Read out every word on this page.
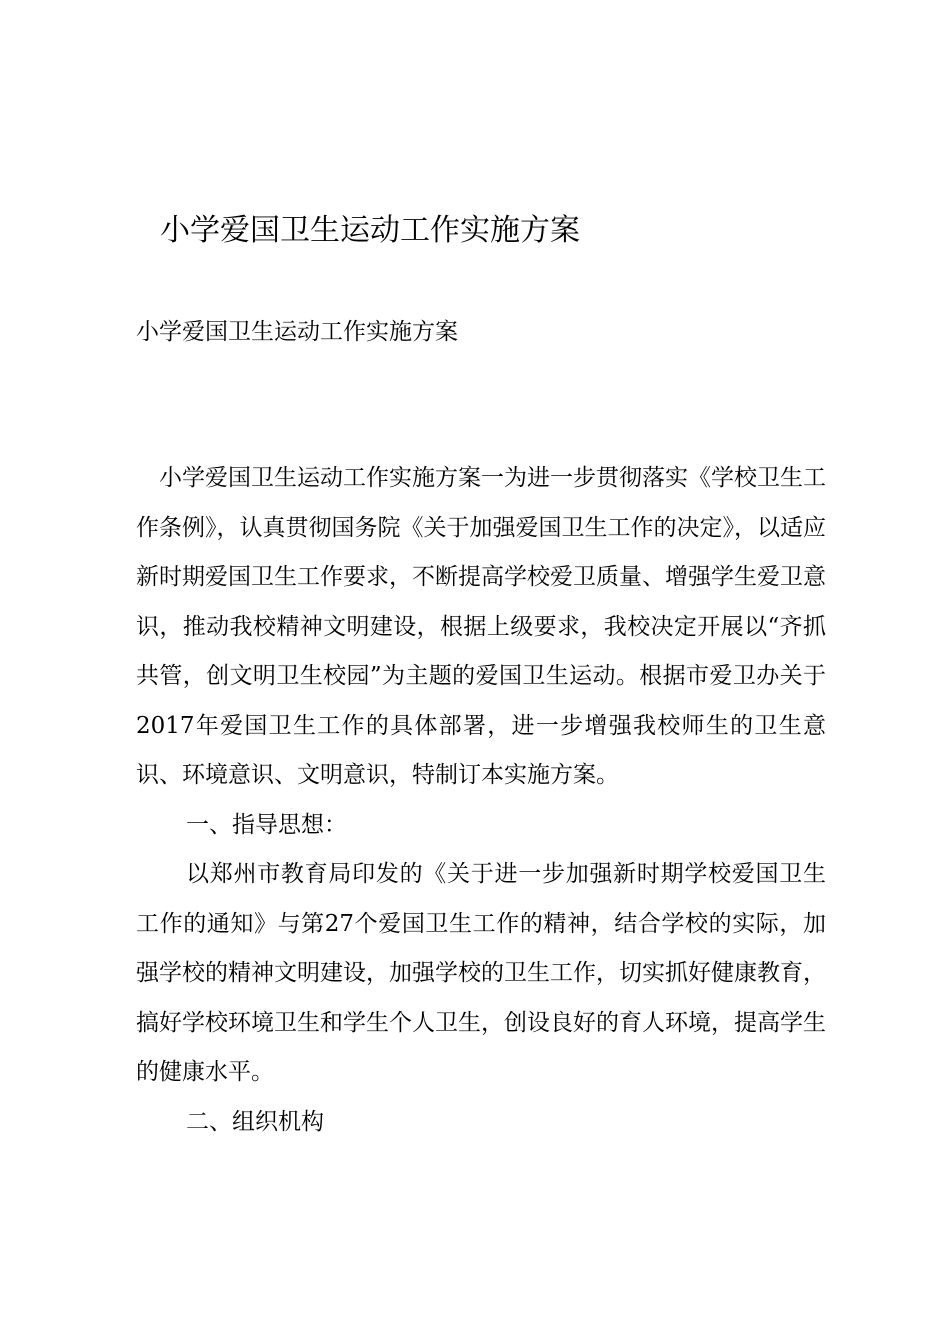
小学爱国卫生运动工作实施方案
小学爱国卫生运动工作实施方案

小学爱国卫生运动工作实施方案一为进一步贯彻落实《学校卫生工作条例》，认真贯彻国务院《关于加强爱国卫生工作的决定》，以适应新时期爱国卫生工作要求，不断提高学校爱卫质量、增强学生爱卫意识，推动我校精神文明建设，根据上级要求，我校决定开展以“齐抓共管，创文明卫生校园”为主题的爱国卫生运动。根据市爱卫办关于2017年爱国卫生工作的具体部署，进一步增强我校师生的卫生意识、环境意识、文明意识，特制订本实施方案。

一、指导思想：

以郑州市教育局印发的《关于进一步加强新时期学校爱国卫生工作的通知》与第27个爱国卫生工作的精神，结合学校的实际，加强学校的精神文明建设，加强学校的卫生工作，切实抓好健康教育，搞好学校环境卫生和学生个人卫生，创设良好的育人环境，提高学生的健康水平。

二、组织机构
